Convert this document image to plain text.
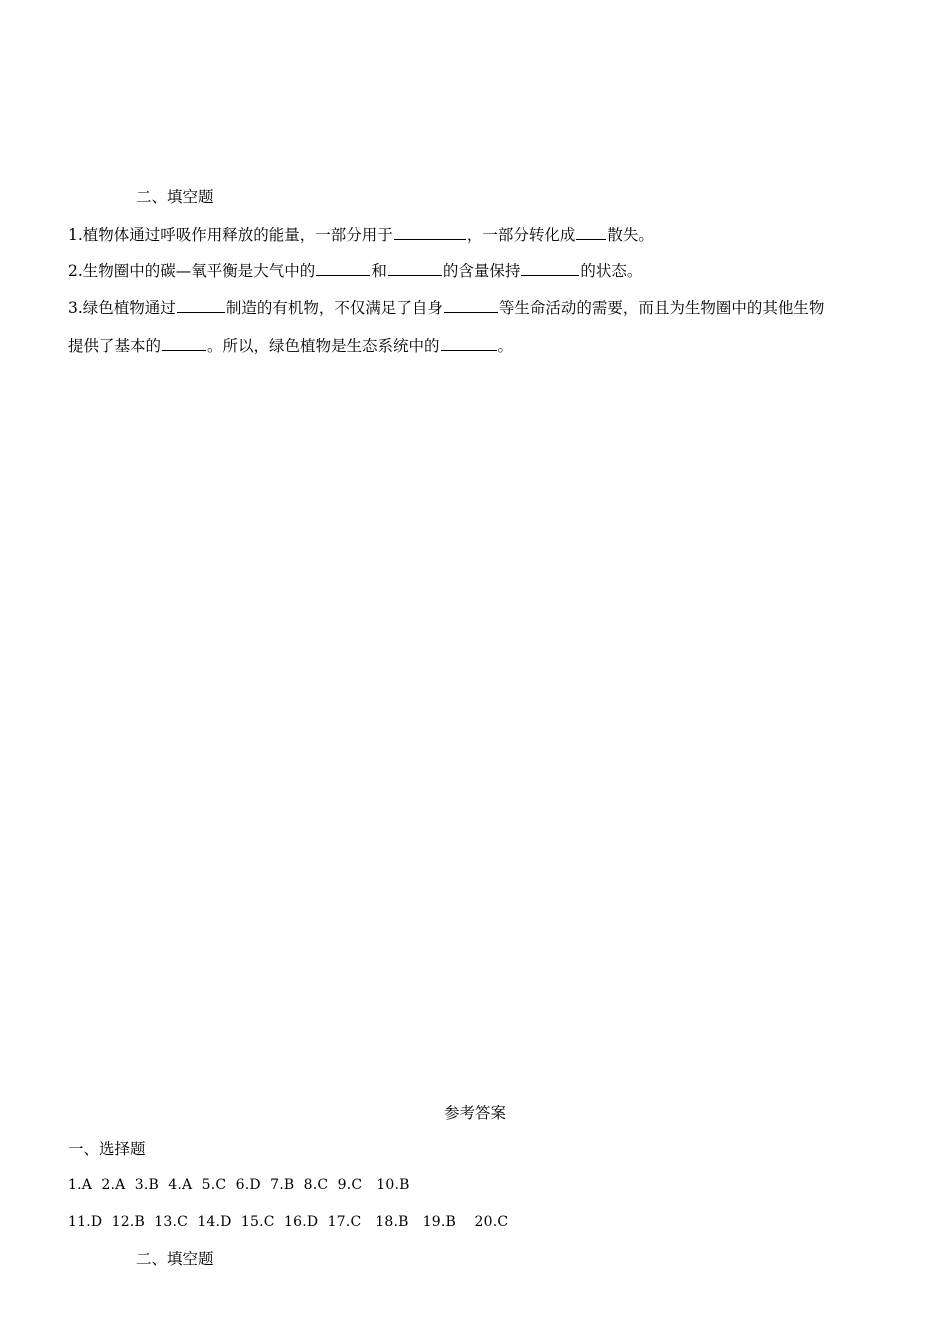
二、填空题
1.植物体通过呼吸作用释放的能量，一部分用于	，一部分转化成 散失。
2.生物圈中的碳—氧平衡是大气中的	和	的含量保持	的状态。
3.绿色植物通过	制造的有机物，不仅满足了自身	等生命活动的需要，而且为生物圈中的其他生物
提供了基本的	。所以，绿色植物是生态系统中的	。
参考答案
一、选择题
1.A  2.A  3.B  4.A  5.C  6.D  7.B  8.C  9.C   10.B
11.D  12.B  13.C  14.D  15.C  16.D  17.C   18.B   19.B    20.C
二、填空题
